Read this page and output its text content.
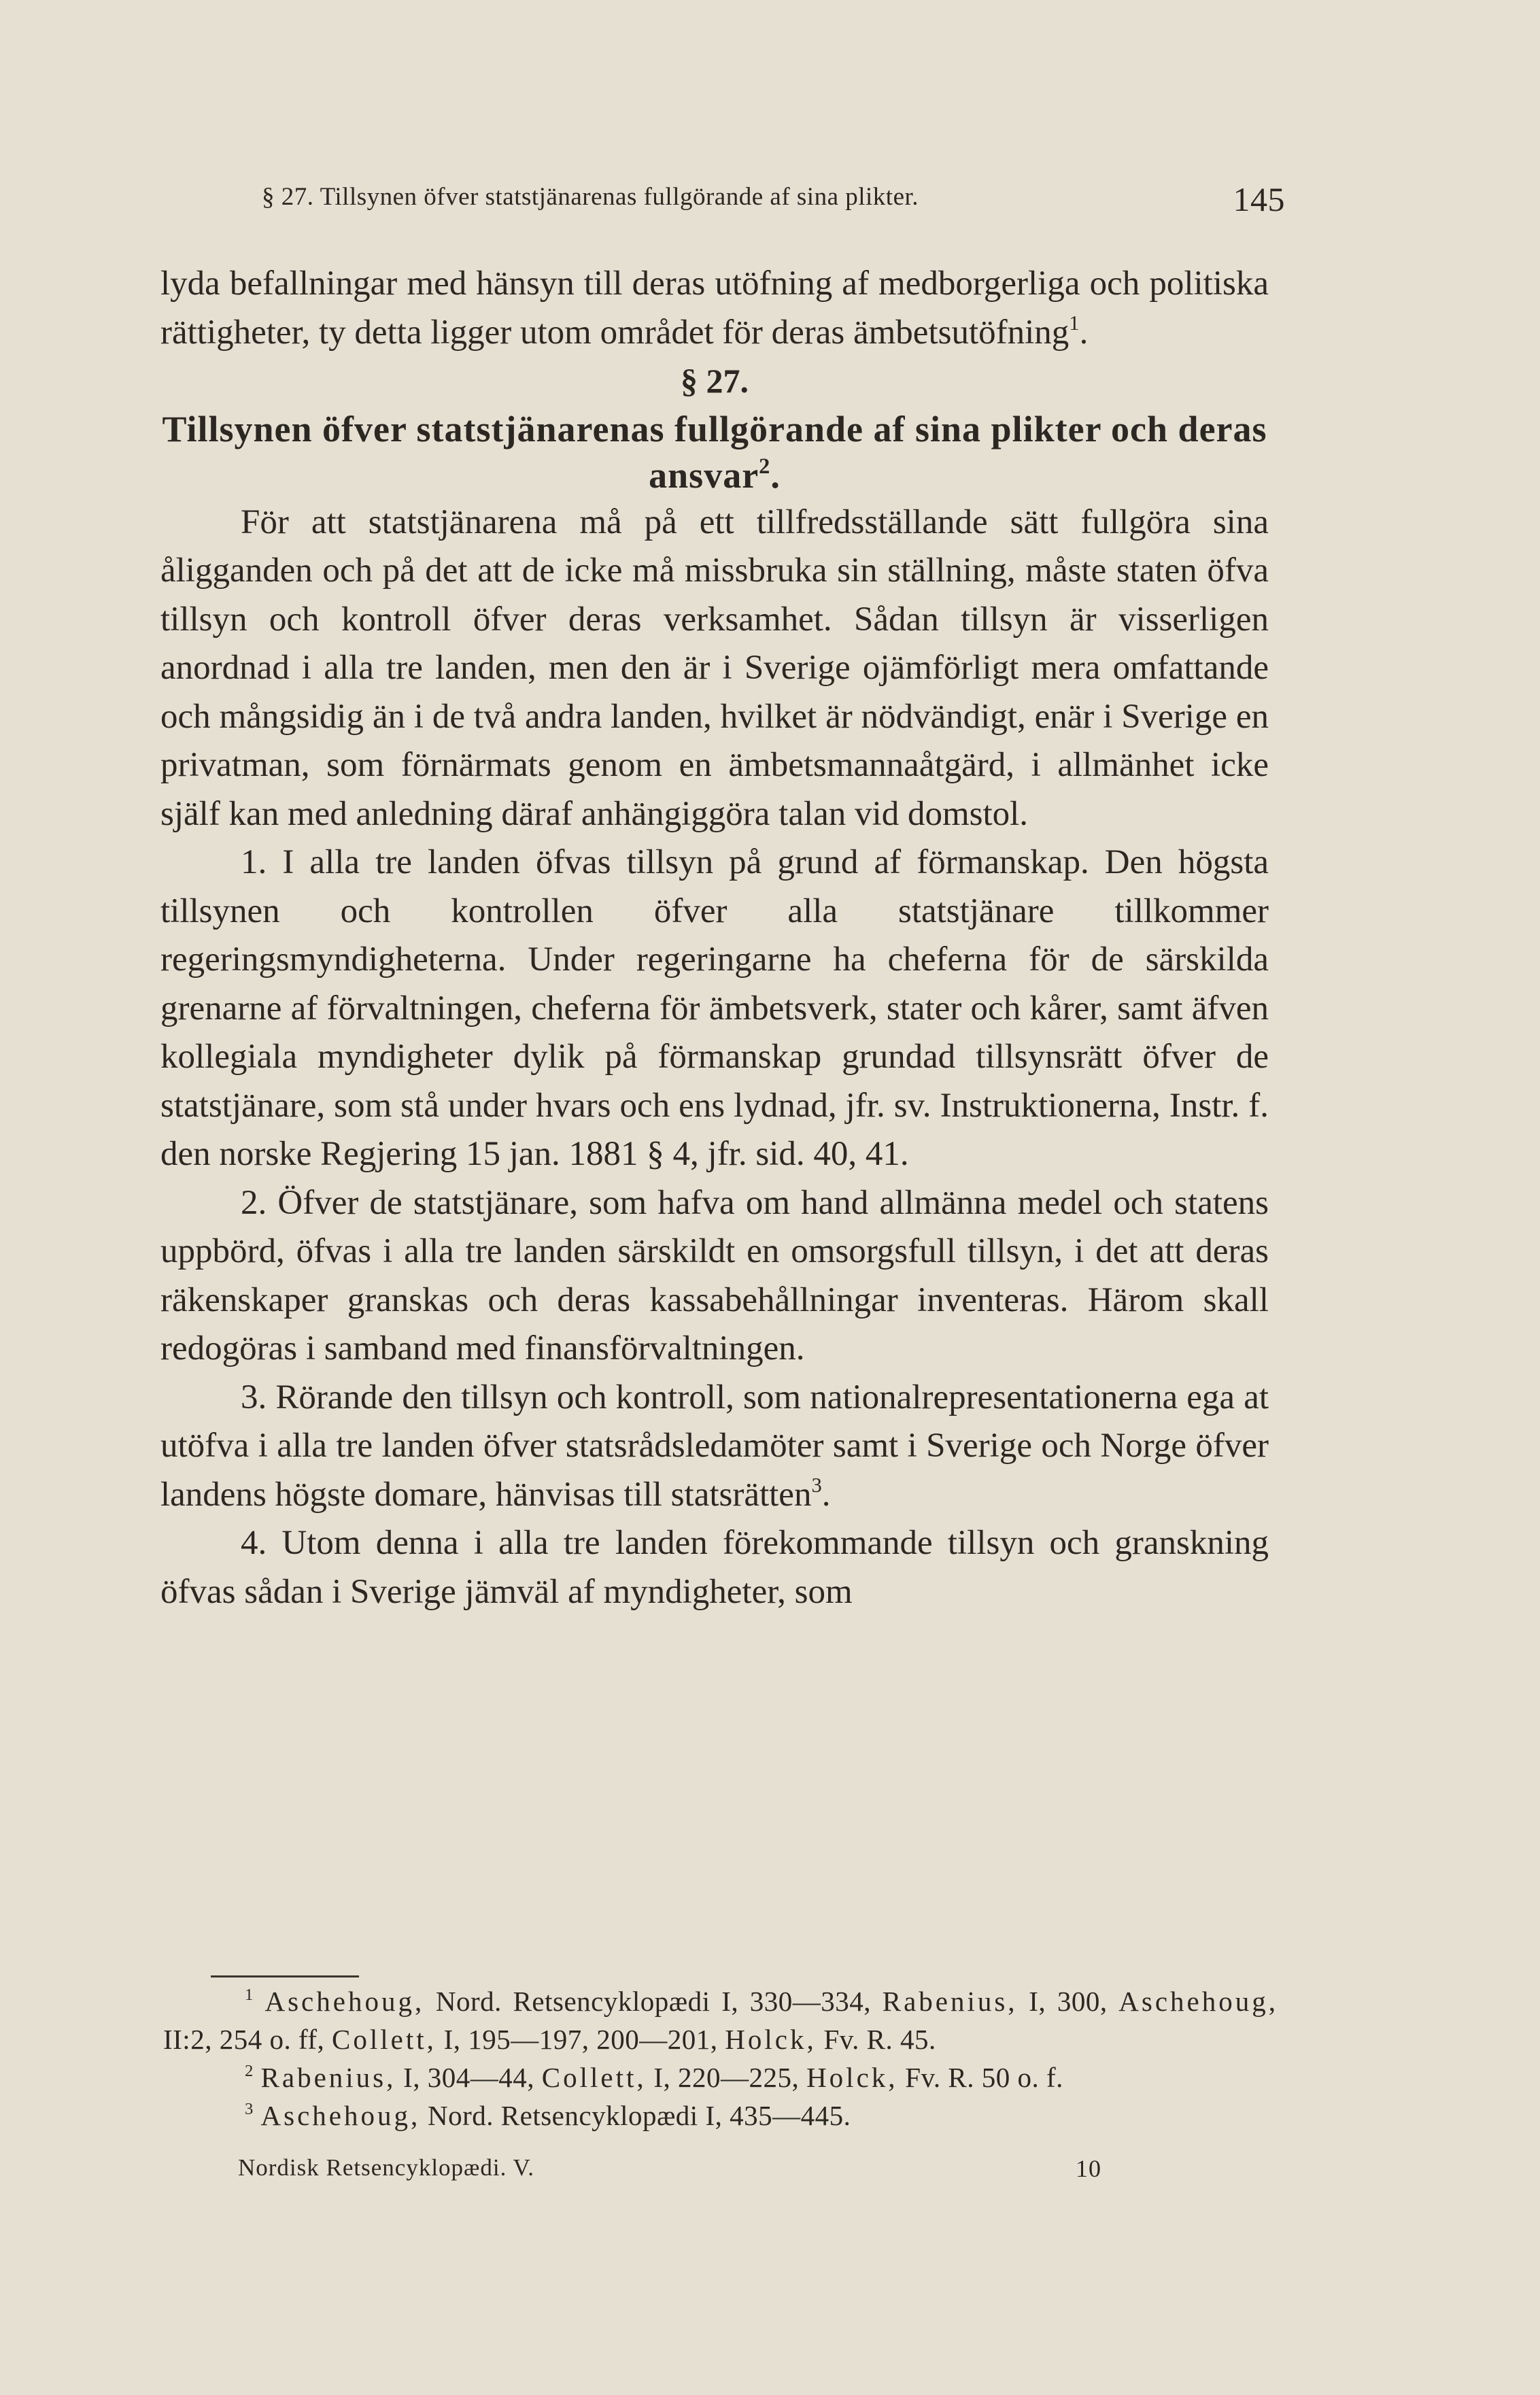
§ 27. Tillsynen öfver statstjänarenas fullgörande af sina plikter.	145

lyda befallningar med hänsyn till deras utöfning af medborgerliga och politiska rättigheter, ty detta ligger utom området för deras ämbetsutöfning$^1$.

§ 27.

Tillsynen öfver statstjänarenas fullgörande af sina plikter och deras ansvar$^2$.

För att statstjänarena må på ett tillfredsställande sätt fullgöra sina åligganden och på det att de icke må missbruka sin ställning, måste staten öfva tillsyn och kontroll öfver deras verksamhet. Sådan tillsyn är visserligen anordnad i alla tre landen, men den är i Sverige ojämförligt mera omfattande och mångsidig än i de två andra landen, hvilket är nödvändigt, enär i Sverige en privatman, som förnärmats genom en ämbetsmannaåtgärd, i allmänhet icke själf kan med anledning däraf anhängiggöra talan vid domstol.

1. I alla tre landen öfvas tillsyn på grund af förmanskap. Den högsta tillsynen och kontrollen öfver alla statstjänare tillkommer regeringsmyndigheterna. Under regeringarne ha cheferna för de särskilda grenarne af förvaltningen, cheferna för ämbetsverk, stater och kårer, samt äfven kollegiala myndigheter dylik på förmanskap grundad tillsynsrätt öfver de statstjänare, som stå under hvars och ens lydnad, jfr. sv. Instruktionerna, Instr. f. den norske Regjering 15 jan. 1881 § 4, jfr. sid. 40, 41.

2. Öfver de statstjänare, som hafva om hand allmänna medel och statens uppbörd, öfvas i alla tre landen särskildt en omsorgsfull tillsyn, i det att deras räkenskaper granskas och deras kassabehållningar inventeras. Härom skall redogöras i samband med finansförvaltningen.

3. Rörande den tillsyn och kontroll, som nationalrepresentationerna ega at utöfva i alla tre landen öfver statsrådsledamöter samt i Sverige och Norge öfver landens högste domare, hänvisas till statsrätten$^3$.

4. Utom denna i alla tre landen förekommande tillsyn och granskning öfvas sådan i Sverige jämväl af myndigheter, som

$^1$ Aschehoug, Nord. Retsencyklopædi I, 330—334, Rabenius, I, 300, Aschehoug, II:2, 254 o. ff, Collett, I, 195—197, 200—201, Holck, Fv. R. 45.

$^2$ Rabenius, I, 304—44, Collett, I, 220—225, Holck, Fv. R. 50 o. f.

$^3$ Aschehoug, Nord. Retsencyklopædi I, 435—445.

Nordisk Retsencyklopædi. V.	10
